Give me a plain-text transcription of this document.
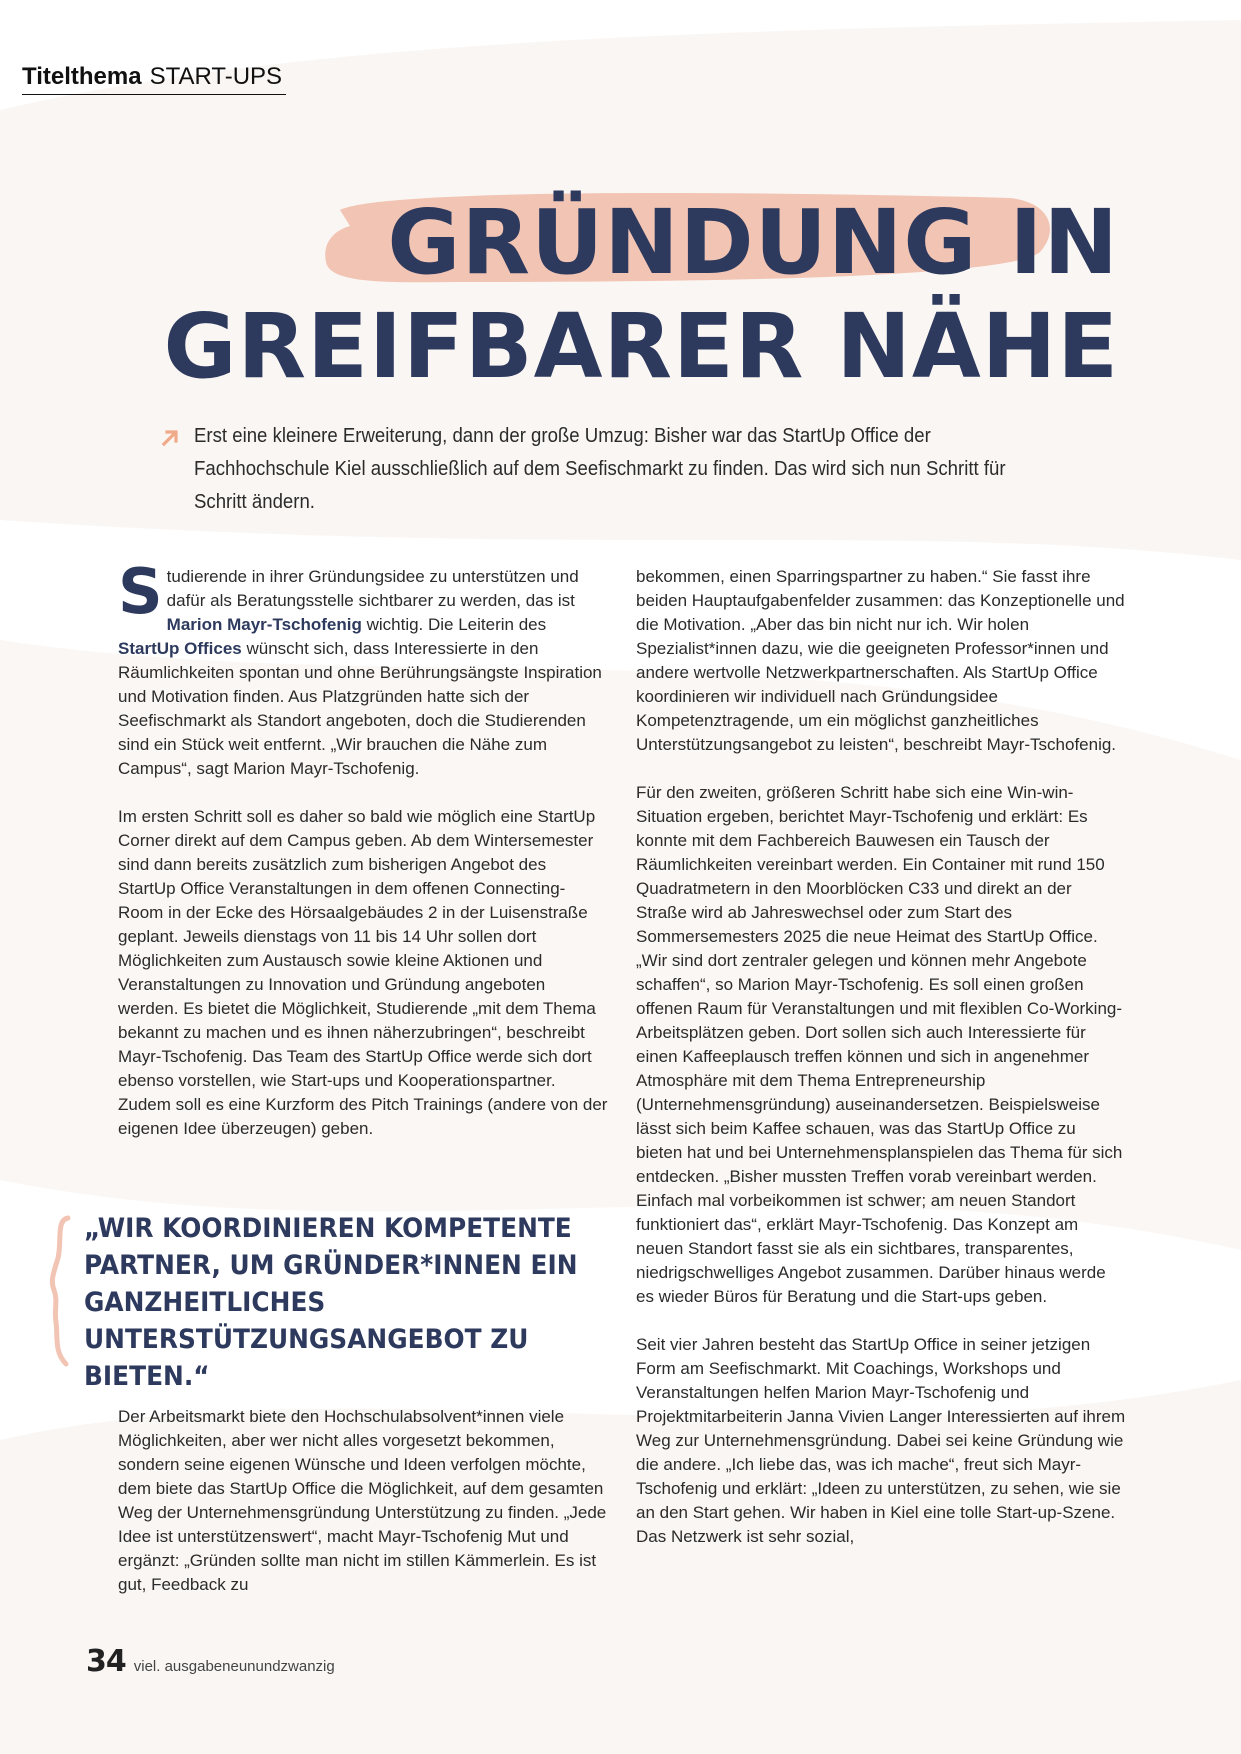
Titelthema START-UPS
GRÜNDUNG IN
GREIFBARER NÄHE

Erst eine kleinere Erweiterung, dann der große Umzug: Bisher war das StartUp Office der Fachhochschule Kiel ausschließlich auf dem Seefischmarkt zu finden. Das wird sich nun Schritt für Schritt ändern.

Studierende in ihrer Gründungsidee zu unterstützen und dafür als Beratungsstelle sichtbarer zu werden, das ist Marion Mayr-Tschofenig wichtig. Die Leiterin des StartUp Offices wünscht sich, dass Interessierte in den Räumlichkeiten spontan und ohne Berührungsängste Inspiration und Motivation finden. Aus Platzgründen hatte sich der Seefischmarkt als Standort angeboten, doch die Studierenden sind ein Stück weit entfernt. „Wir brauchen die Nähe zum Campus“, sagt Marion Mayr-Tschofenig.

Im ersten Schritt soll es daher so bald wie möglich eine StartUp Corner direkt auf dem Campus geben. Ab dem Wintersemester sind dann bereits zusätzlich zum bisherigen Angebot des StartUp Office Veranstaltungen in dem offenen Connecting-Room in der Ecke des Hörsaalgebäudes 2 in der Luisenstraße geplant. Jeweils dienstags von 11 bis 14 Uhr sollen dort Möglichkeiten zum Austausch sowie kleine Aktionen und Veranstaltungen zu Innovation und Gründung angeboten werden. Es bietet die Möglichkeit, Studierende „mit dem Thema bekannt zu machen und es ihnen näherzubringen“, beschreibt Mayr-Tschofenig. Das Team des StartUp Office werde sich dort ebenso vorstellen, wie Start-ups und Kooperationspartner. Zudem soll es eine Kurzform des Pitch Trainings (andere von der eigenen Idee überzeugen) geben.

„WIR KOORDINIEREN KOMPETENTE PARTNER, UM GRÜNDER*INNEN EIN GANZHEITLICHES UNTERSTÜTZUNGSANGEBOT ZU BIETEN.“

Der Arbeitsmarkt biete den Hochschulabsolvent*innen viele Möglichkeiten, aber wer nicht alles vorgesetzt bekommen, sondern seine eigenen Wünsche und Ideen verfolgen möchte, dem biete das StartUp Office die Möglichkeit, auf dem gesamten Weg der Unternehmensgründung Unterstützung zu finden. „Jede Idee ist unterstützenswert“, macht Mayr-Tschofenig Mut und ergänzt: „Gründen sollte man nicht im stillen Kämmerlein. Es ist gut, Feedback zu

bekommen, einen Sparringspartner zu haben.“ Sie fasst ihre beiden Hauptaufgabenfelder zusammen: das Konzeptionelle und die Motivation. „Aber das bin nicht nur ich. Wir holen Spezialist*innen dazu, wie die geeigneten Professor*innen und andere wertvolle Netzwerkpartnerschaften. Als StartUp Office koordinieren wir individuell nach Gründungsidee Kompetenztragende, um ein möglichst ganzheitliches Unterstützungsangebot zu leisten“, beschreibt Mayr-Tschofenig.

Für den zweiten, größeren Schritt habe sich eine Win-win-Situation ergeben, berichtet Mayr-Tschofenig und erklärt: Es konnte mit dem Fachbereich Bauwesen ein Tausch der Räumlichkeiten vereinbart werden. Ein Container mit rund 150 Quadratmetern in den Moorblöcken C33 und direkt an der Straße wird ab Jahreswechsel oder zum Start des Sommersemesters 2025 die neue Heimat des StartUp Office. „Wir sind dort zentraler gelegen und können mehr Angebote schaffen“, so Marion Mayr-Tschofenig. Es soll einen großen offenen Raum für Veranstaltungen und mit flexiblen Co-Working-Arbeitsplätzen geben. Dort sollen sich auch Interessierte für einen Kaffeeplausch treffen können und sich in angenehmer Atmosphäre mit dem Thema Entrepreneurship (Unternehmensgründung) auseinandersetzen. Beispielsweise lässt sich beim Kaffee schauen, was das StartUp Office zu bieten hat und bei Unternehmensplanspielen das Thema für sich entdecken. „Bisher mussten Treffen vorab vereinbart werden. Einfach mal vorbeikommen ist schwer; am neuen Standort funktioniert das“, erklärt Mayr-Tschofenig. Das Konzept am neuen Standort fasst sie als ein sichtbares, transparentes, niedrigschwelliges Angebot zusammen. Darüber hinaus werde es wieder Büros für Beratung und die Start-ups geben.

Seit vier Jahren besteht das StartUp Office in seiner jetzigen Form am Seefischmarkt. Mit Coachings, Workshops und Veranstaltungen helfen Marion Mayr-Tschofenig und Projektmitarbeiterin Janna Vivien Langer Interessierten auf ihrem Weg zur Unternehmensgründung. Dabei sei keine Gründung wie die andere. „Ich liebe das, was ich mache“, freut sich Mayr-Tschofenig und erklärt: „Ideen zu unterstützen, zu sehen, wie sie an den Start gehen. Wir haben in Kiel eine tolle Start-up-Szene. Das Netzwerk ist sehr sozial,

34 viel. ausgabeneunundzwanzig
